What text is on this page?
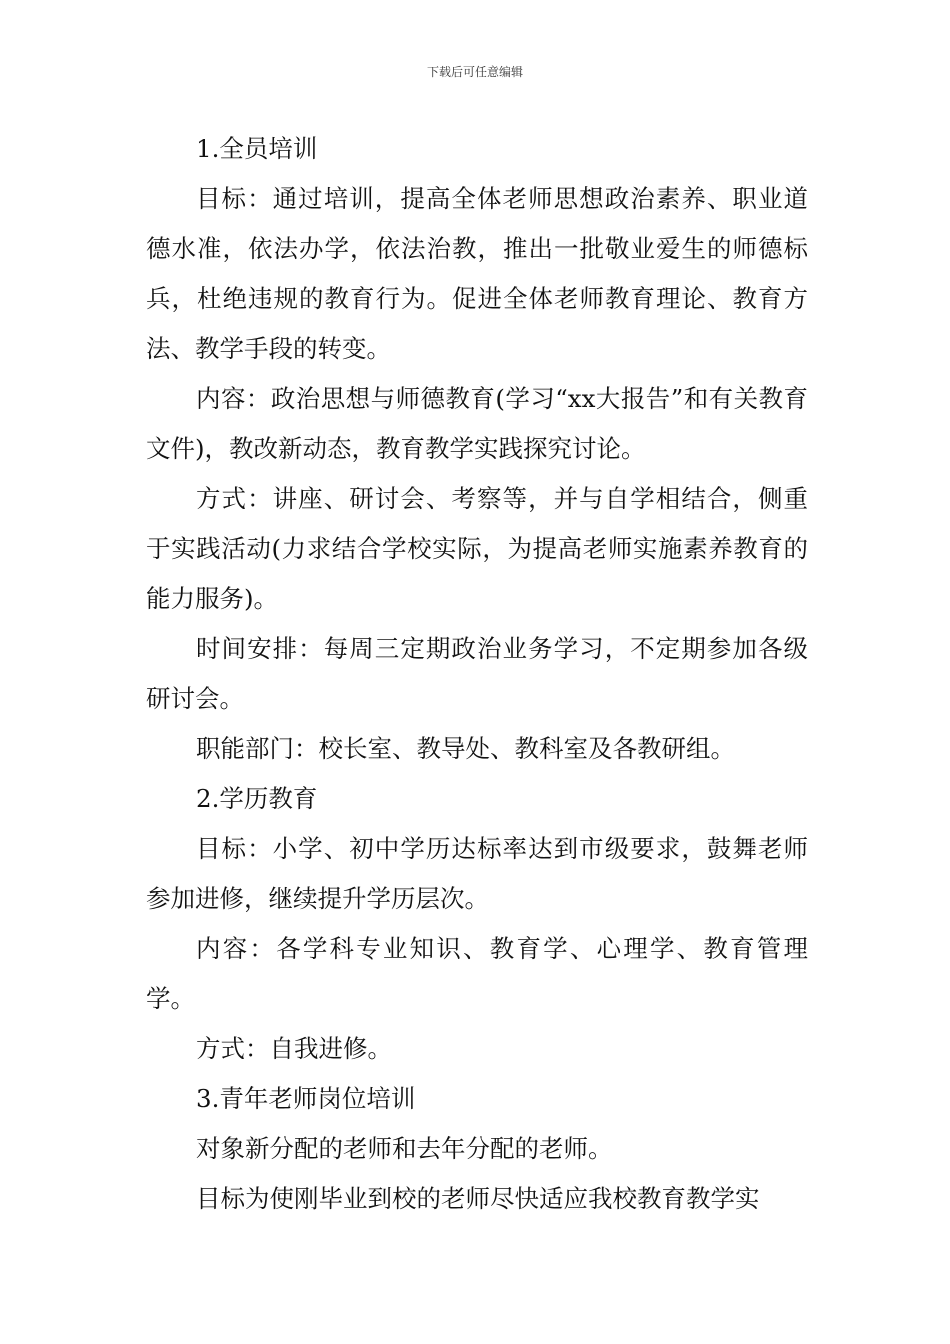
下载后可任意编辑

1.全员培训

目标：通过培训，提高全体老师思想政治素养、职业道德水准，依法办学，依法治教，推出一批敬业爱生的师德标兵，杜绝违规的教育行为。促进全体老师教育理论、教育方法、教学手段的转变。

内容：政治思想与师德教育(学习“xx大报告”和有关教育文件)，教改新动态，教育教学实践探究讨论。

方式：讲座、研讨会、考察等，并与自学相结合，侧重于实践活动(力求结合学校实际，为提高老师实施素养教育的能力服务)。

时间安排：每周三定期政治业务学习，不定期参加各级研讨会。

职能部门：校长室、教导处、教科室及各教研组。

2.学历教育

目标：小学、初中学历达标率达到市级要求，鼓舞老师参加进修，继续提升学历层次。

内容：各学科专业知识、教育学、心理学、教育管理学。

方式：自我进修。

3.青年老师岗位培训

对象新分配的老师和去年分配的老师。

目标为使刚毕业到校的老师尽快适应我校教育教学实
